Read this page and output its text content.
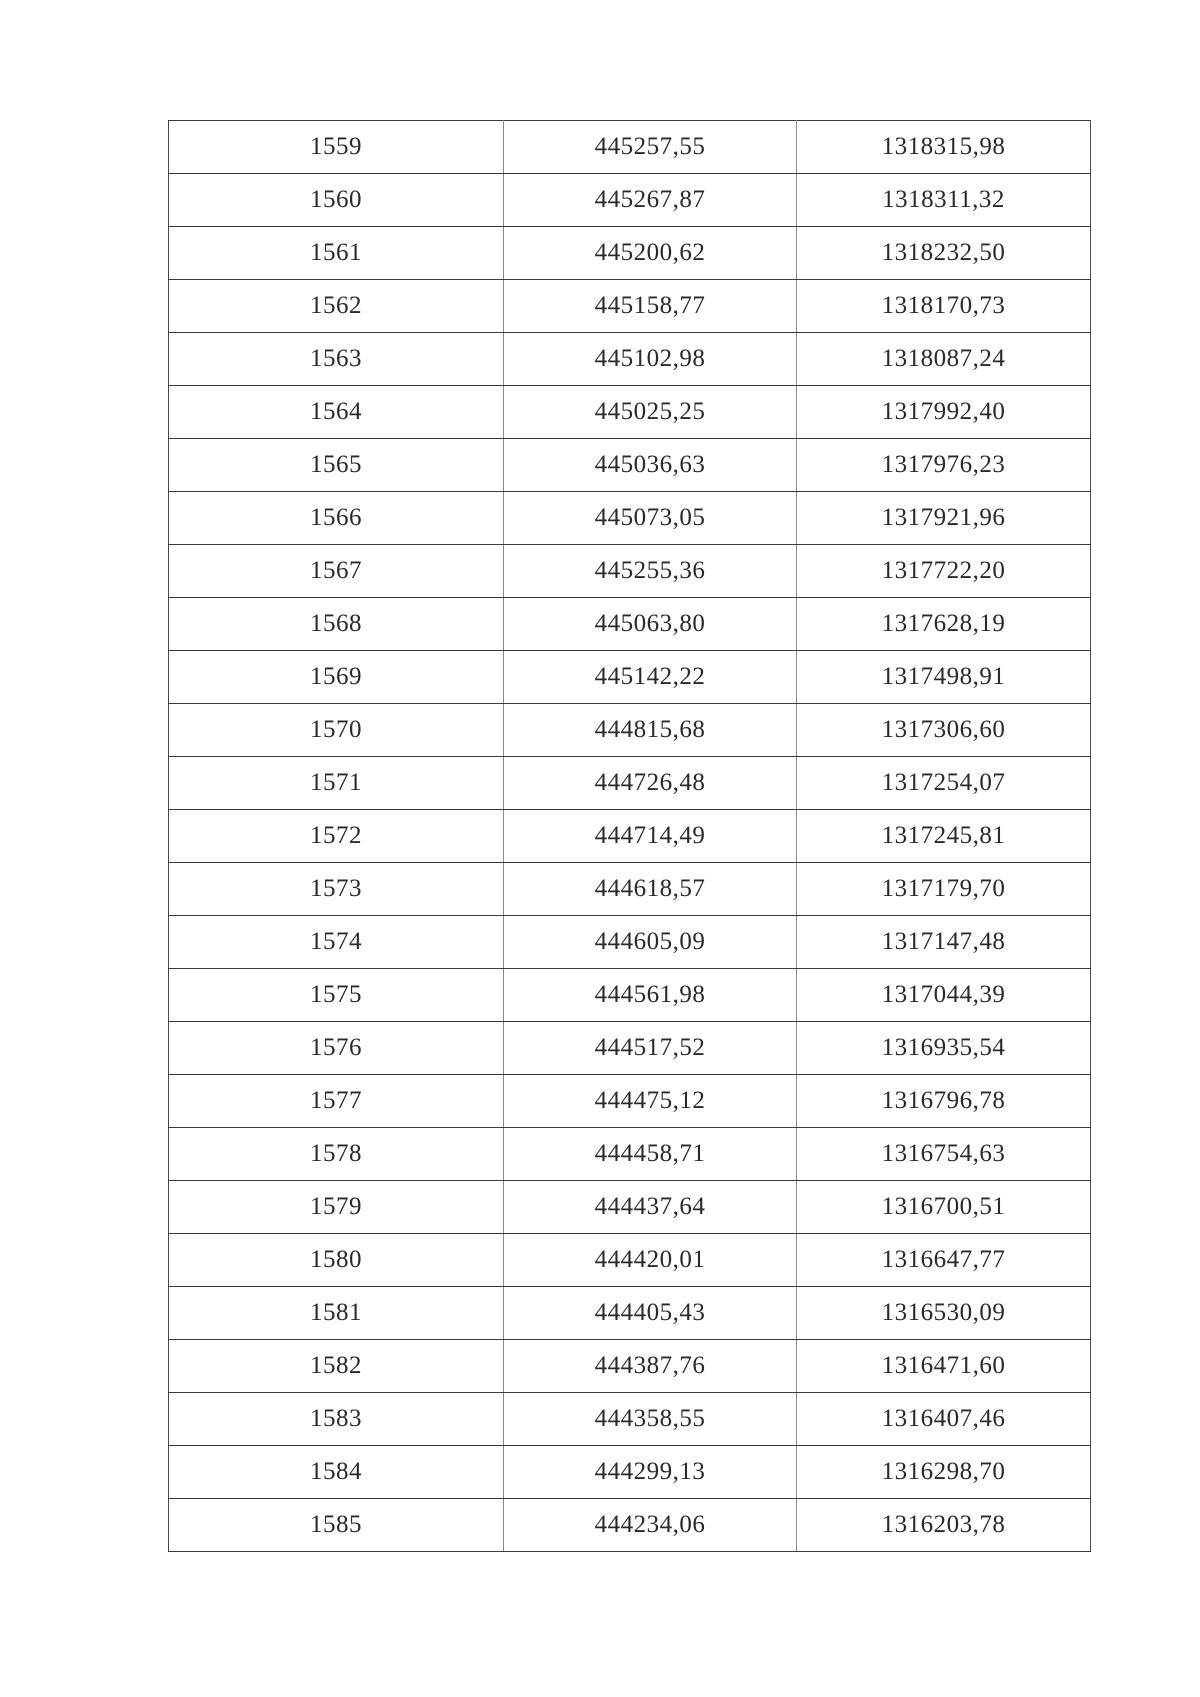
1559	445257,55	1318315,98
1560	445267,87	1318311,32
1561	445200,62	1318232,50
1562	445158,77	1318170,73
1563	445102,98	1318087,24
1564	445025,25	1317992,40
1565	445036,63	1317976,23
1566	445073,05	1317921,96
1567	445255,36	1317722,20
1568	445063,80	1317628,19
1569	445142,22	1317498,91
1570	444815,68	1317306,60
1571	444726,48	1317254,07
1572	444714,49	1317245,81
1573	444618,57	1317179,70
1574	444605,09	1317147,48
1575	444561,98	1317044,39
1576	444517,52	1316935,54
1577	444475,12	1316796,78
1578	444458,71	1316754,63
1579	444437,64	1316700,51
1580	444420,01	1316647,77
1581	444405,43	1316530,09
1582	444387,76	1316471,60
1583	444358,55	1316407,46
1584	444299,13	1316298,70
1585	444234,06	1316203,78
